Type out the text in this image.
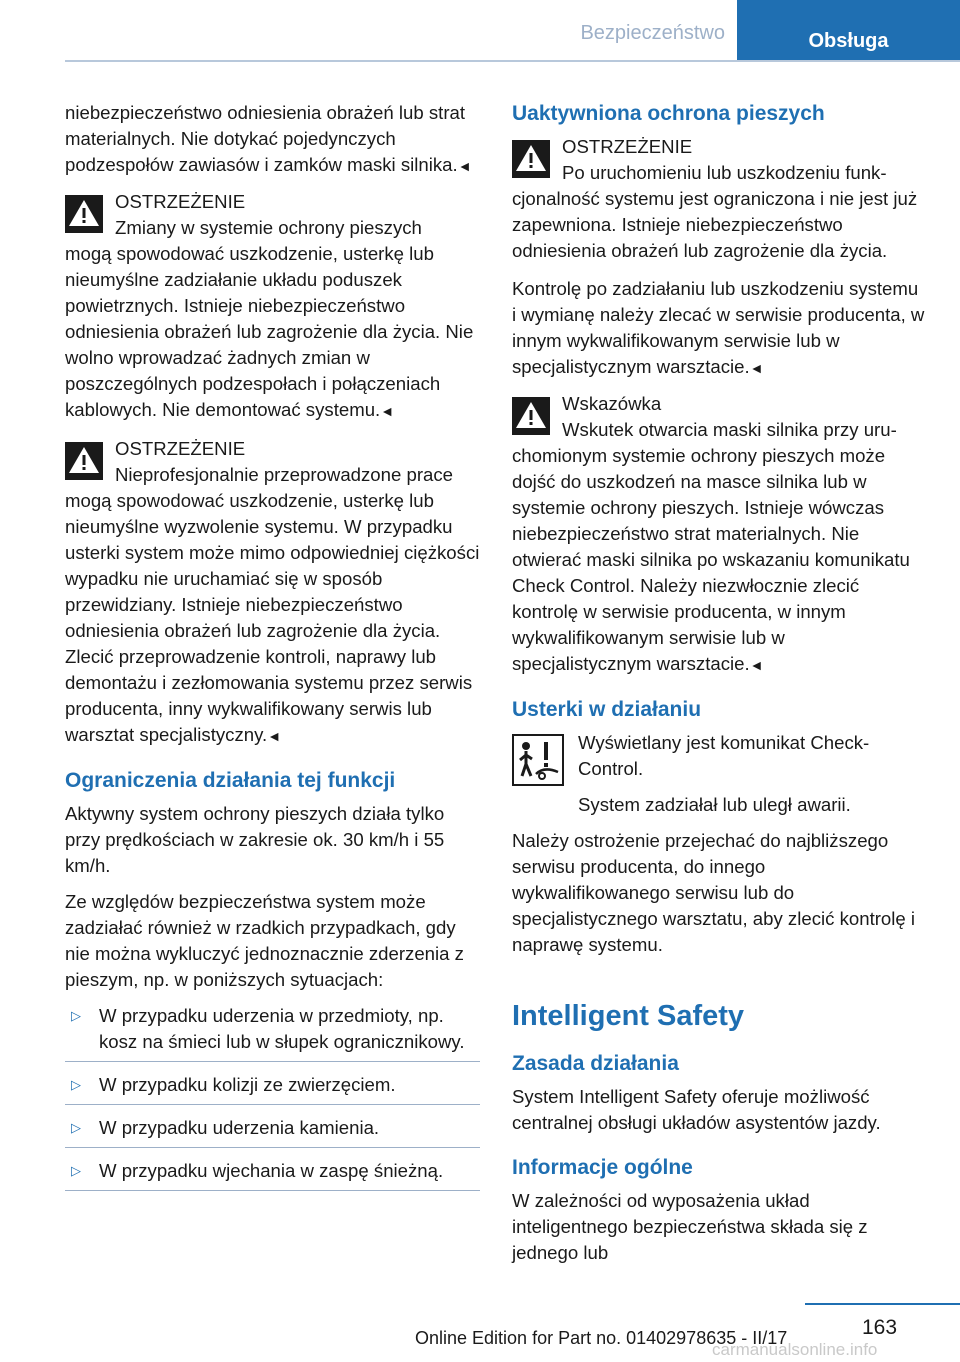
Bezpieczeństwo	Obsługa

niebezpieczeństwo odniesienia obrażeń lub strat materialnych. Nie dotykać pojedynczych podzespołów zawiasów i zamków maski silnika.◄

OSTRZEŻENIE
Zmiany w systemie ochrony pieszych
mogą spowodować uszkodzenie, usterkę lub nieumyślne zadziałanie układu poduszek powietrznych. Istnieje niebezpieczeństwo odniesienia obrażeń lub zagrożenie dla życia. Nie wolno wprowadzać żadnych zmian w poszczególnych podzespołach i połączeniach kablowych. Nie demontować systemu.◄
OSTRZEŻENIE
Nieprofesjonalnie przeprowadzone prace
mogą spowodować uszkodzenie, usterkę lub nieumyślne wyzwolenie systemu. W przypadku usterki system może mimo odpowiedniej ciężkości wypadku nie uruchamiać się w sposób przewidziany. Istnieje niebezpieczeństwo odniesienia obrażeń lub zagrożenie dla życia. Zlecić przeprowadzenie kontroli, naprawy lub demontażu i zezłomowania systemu przez serwis producenta, inny wykwalifikowany serwis lub warsztat specjalistyczny.◄
Ograniczenia działania tej funkcji

Aktywny system ochrony pieszych działa tylko przy prędkościach w zakresie ok. 30 km/h i 55 km/h.

Ze względów bezpieczeństwa system może zadziałać również w rzadkich przypadkach, gdy nie można wykluczyć jednoznacznie zderzenia z pieszym, np. w poniższych sytuacjach:

▷ W przypadku uderzenia w przedmioty, np. kosz na śmieci lub w słupek ogranicznikowy.
▷ W przypadku kolizji ze zwierzęciem.
▷ W przypadku uderzenia kamienia.
▷ W przypadku wjechania w zaspę śnieżną.
Uaktywniona ochrona pieszych
OSTRZEŻENIE
Po uruchomieniu lub uszkodzeniu funk-
cjonalność systemu jest ograniczona i nie jest już zapewniona. Istnieje niebezpieczeństwo odniesienia obrażeń lub zagrożenie dla życia.

Kontrolę po zadziałaniu lub uszkodzeniu systemu i wymianę należy zlecać w serwisie producenta, w innym wykwalifikowanym serwisie lub w specjalistycznym warsztacie.◄

Wskazówka
Wskutek otwarcia maski silnika przy uru-
chomionym systemie ochrony pieszych może dojść do uszkodzeń na masce silnika lub w systemie ochrony pieszych. Istnieje wówczas niebezpieczeństwo strat materialnych. Nie otwierać maski silnika po wskazaniu komunikatu Check Control. Należy niezwłocznie zlecić kontrolę w serwisie producenta, w innym wykwalifikowanym serwisie lub w specjalistycznym warsztacie.◄
Usterki w działaniu

Wyświetlany jest komunikat Check-Control.

System zadziałał lub uległ awarii.

Należy ostrożenie przejechać do najbliższego serwisu producenta, do innego wykwalifikowanego serwisu lub do specjalistycznego warsztatu, aby zlecić kontrolę i naprawę systemu.

Intelligent Safety
Zasada działania

System Intelligent Safety oferuje możliwość centralnej obsługi układów asystentów jazdy.

Informacje ogólne

W zależności od wyposażenia układ inteligentnego bezpieczeństwa składa się z jednego lub

163
Online Edition for Part no. 01402978635 - II/17
carmanualsonline.info
